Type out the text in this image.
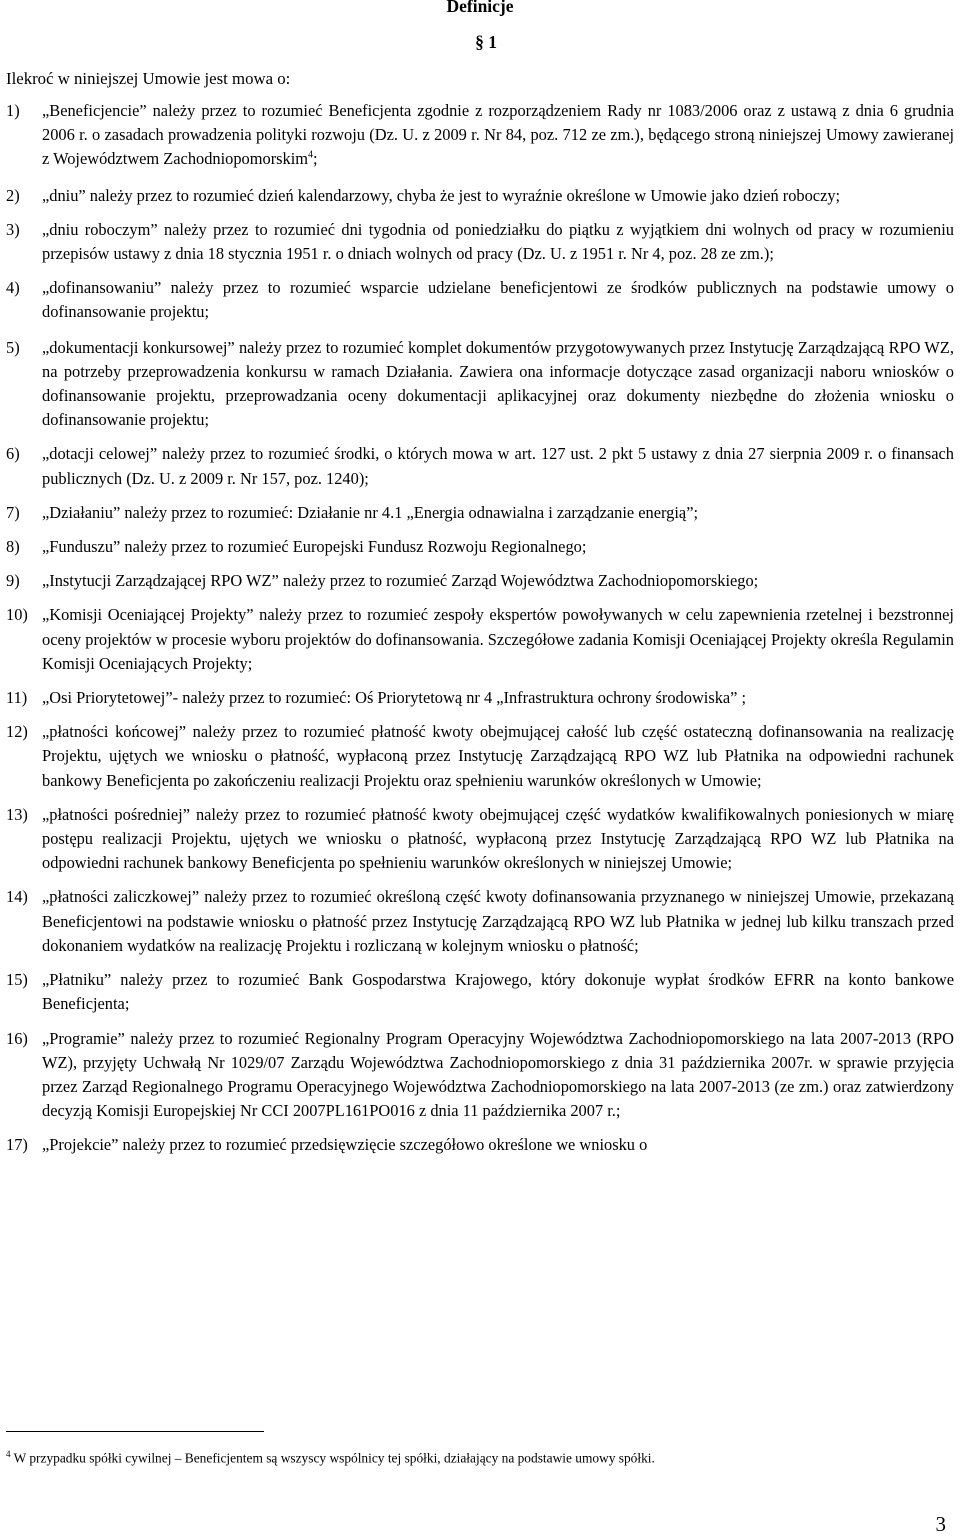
Definicje
§ 1
Ilekroć w niniejszej Umowie jest mowa o:
1)	„Beneficjencie” należy przez to rozumieć Beneficjenta zgodnie z rozporządzeniem Rady nr 1083/2006 oraz z ustawą z dnia 6 grudnia 2006 r. o zasadach prowadzenia polityki rozwoju (Dz. U. z 2009 r. Nr 84, poz. 712 ze zm.), będącego stroną niniejszej Umowy zawieranej z Województwem Zachodniopomorskim$^4$;
2)	„dniu” należy przez to rozumieć dzień kalendarzowy, chyba że jest to wyraźnie określone w Umowie jako dzień roboczy;
3)	„dniu roboczym” należy przez to rozumieć dni tygodnia od poniedziałku do piątku z wyjątkiem dni wolnych od pracy w rozumieniu przepisów ustawy z dnia 18 stycznia 1951 r. o dniach wolnych od pracy (Dz. U. z 1951 r. Nr 4, poz. 28 ze zm.);
4)	„dofinansowaniu” należy przez to rozumieć wsparcie udzielane beneficjentowi ze środków publicznych na podstawie umowy o dofinansowanie projektu;
5)	„dokumentacji konkursowej” należy przez to rozumieć komplet dokumentów przygotowywanych przez Instytucję Zarządzającą RPO WZ, na potrzeby przeprowadzenia konkursu w ramach Działania. Zawiera ona informacje dotyczące zasad organizacji naboru wniosków o dofinansowanie projektu, przeprowadzania oceny dokumentacji aplikacyjnej oraz dokumenty niezbędne do złożenia wniosku o dofinansowanie projektu;
6)	„dotacji celowej” należy przez to rozumieć środki, o których mowa w art. 127 ust. 2 pkt 5 ustawy z dnia 27 sierpnia 2009 r. o finansach publicznych (Dz. U. z 2009 r. Nr 157, poz. 1240);
7)	„Działaniu” należy przez to rozumieć: Działanie nr 4.1 „Energia odnawialna i zarządzanie energią”;
8)	„Funduszu” należy przez to rozumieć Europejski Fundusz Rozwoju Regionalnego;
9)	„Instytucji Zarządzającej RPO WZ” należy przez to rozumieć Zarząd Województwa Zachodniopomorskiego;
10) „Komisji Oceniającej Projekty” należy przez to rozumieć zespoły ekspertów powoływanych w celu zapewnienia rzetelnej i bezstronnej oceny projektów w procesie wyboru projektów do dofinansowania. Szczegółowe zadania Komisji Oceniającej Projekty określa Regulamin Komisji Oceniających Projekty;
11) „Osi Priorytetowej”- należy przez to rozumieć: Oś Priorytetową nr 4 „Infrastruktura ochrony środowiska” ;
12) „płatności końcowej” należy przez to rozumieć płatność kwoty obejmującej całość lub część ostateczną dofinansowania na realizację Projektu, ujętych we wniosku o płatność, wypłaconą przez Instytucję Zarządzającą RPO WZ lub Płatnika na odpowiedni rachunek bankowy Beneficjenta po zakończeniu realizacji Projektu oraz spełnieniu warunków określonych w Umowie;
13) „płatności pośredniej” należy przez to rozumieć płatność kwoty obejmującej część wydatków kwalifikowalnych poniesionych w miarę postępu realizacji Projektu, ujętych we wniosku o płatność, wypłaconą przez Instytucję Zarządzającą RPO WZ lub Płatnika na odpowiedni rachunek bankowy Beneficjenta po spełnieniu warunków określonych w niniejszej Umowie;
14) „płatności zaliczkowej” należy przez to rozumieć określoną część kwoty dofinansowania przyznanego w niniejszej Umowie, przekazaną Beneficjentowi na podstawie wniosku o płatność przez Instytucję Zarządzającą RPO WZ lub Płatnika w jednej lub kilku transzach przed dokonaniem wydatków na realizację Projektu i rozliczaną w kolejnym wniosku o płatność;
15) „Płatniku” należy przez to rozumieć Bank Gospodarstwa Krajowego, który dokonuje wypłat środków EFRR na konto bankowe Beneficjenta;
16) „Programie” należy przez to rozumieć Regionalny Program Operacyjny Województwa Zachodniopomorskiego na lata 2007-2013 (RPO WZ), przyjęty Uchwałą Nr 1029/07 Zarządu Województwa Zachodniopomorskiego z dnia 31 października 2007r. w sprawie przyjęcia przez Zarząd Regionalnego Programu Operacyjnego Województwa Zachodniopomorskiego na lata 2007-2013 (ze zm.) oraz zatwierdzony decyzją Komisji Europejskiej Nr CCI 2007PL161PO016 z dnia 11 października 2007 r.;
17) „Projekcie” należy przez to rozumieć przedsięwzięcie szczegółowo określone we wniosku o
$^4$ W przypadku spółki cywilnej – Beneficjentem są wszyscy wspólnicy tej spółki, działający na podstawie umowy spółki.
3
